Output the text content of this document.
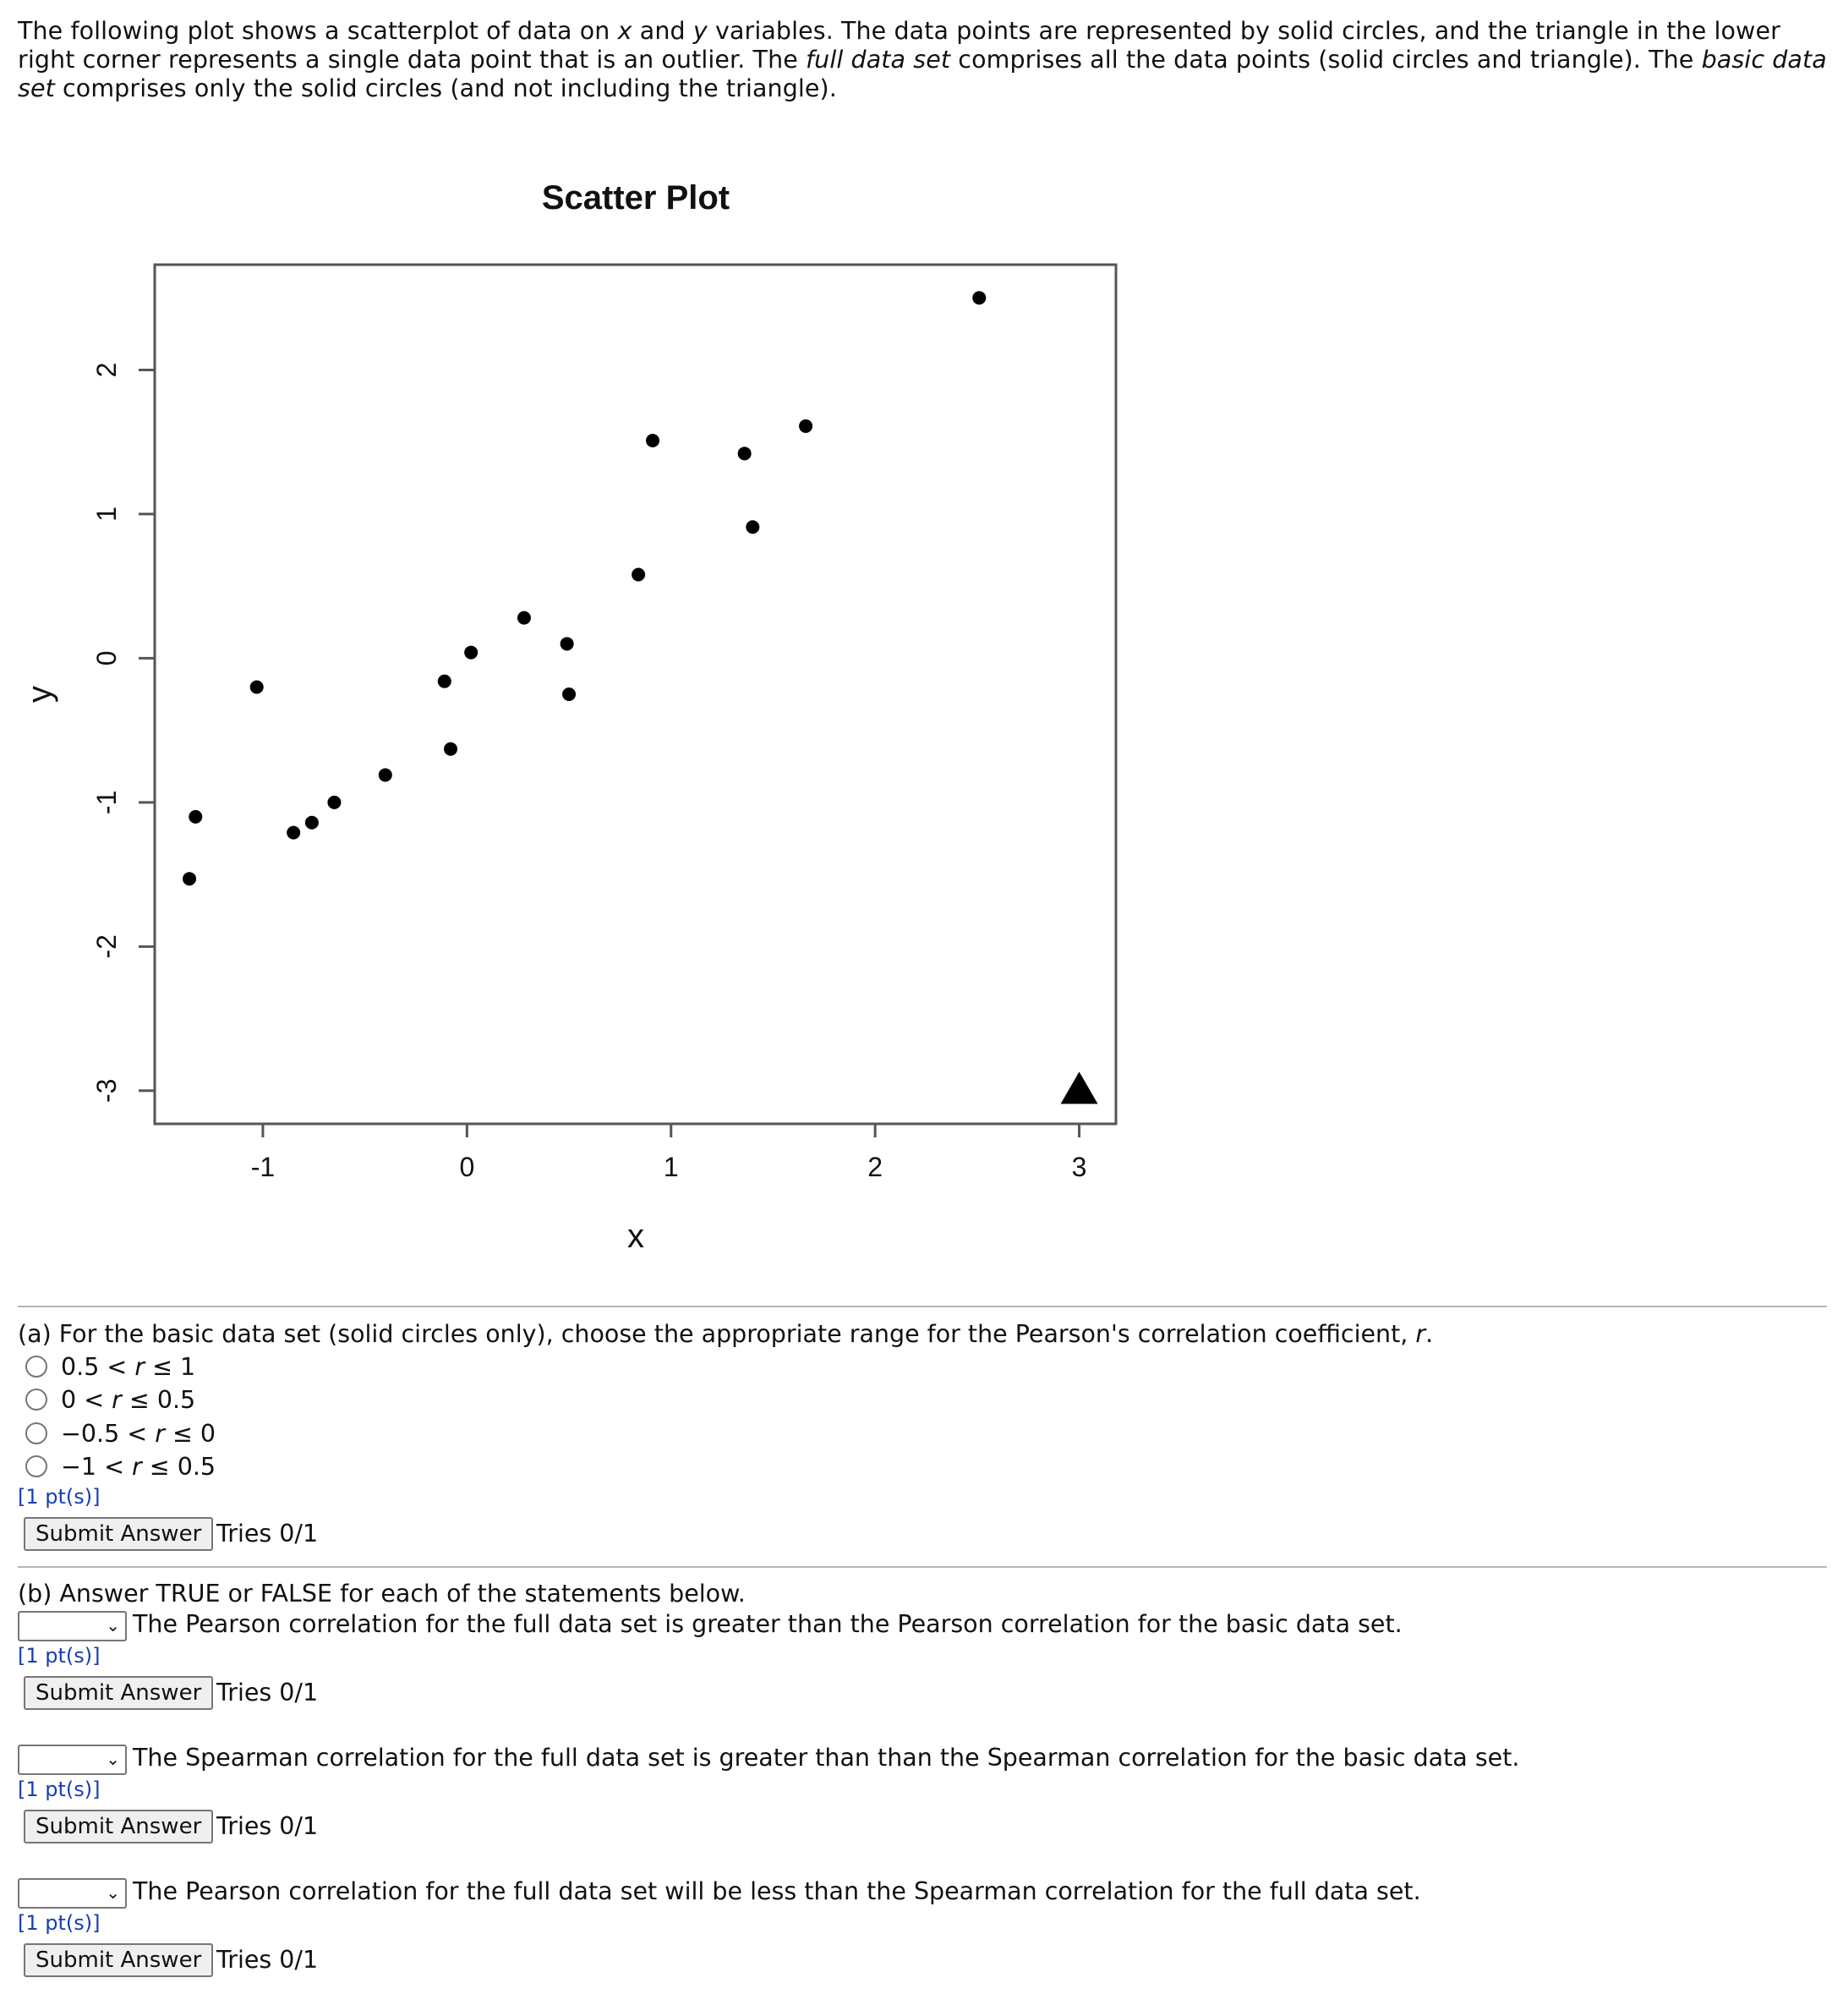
The following plot shows a scatterplot of data on x and y variables. The data points are represented by solid circles, and the triangle in the lower right corner represents a single data point that is an outlier. The full data set comprises all the data points (solid circles and triangle). The basic data set comprises only the solid circles (and not including the triangle).
Scatter Plot
-1	0	1	2	3
-3
-2
-1
0
1
2
x
y
(a) For the basic data set (solid circles only), choose the appropriate range for the Pearson's correlation coefficient, r.
0.5 < r ≤ 1
0 < r ≤ 0.5
−0.5 < r ≤ 0
−1 < r ≤ 0.5
[1 pt(s)]
Submit Answer Tries 0/1
(b) Answer TRUE or FALSE for each of the statements below.
⌄ The Pearson correlation for the full data set is greater than the Pearson correlation for the basic data set.
[1 pt(s)]
Submit Answer Tries 0/1
⌄ The Spearman correlation for the full data set is greater than than the Spearman correlation for the basic data set.
[1 pt(s)]
Submit Answer Tries 0/1
⌄ The Pearson correlation for the full data set will be less than the Spearman correlation for the full data set.
[1 pt(s)]
Submit Answer Tries 0/1
